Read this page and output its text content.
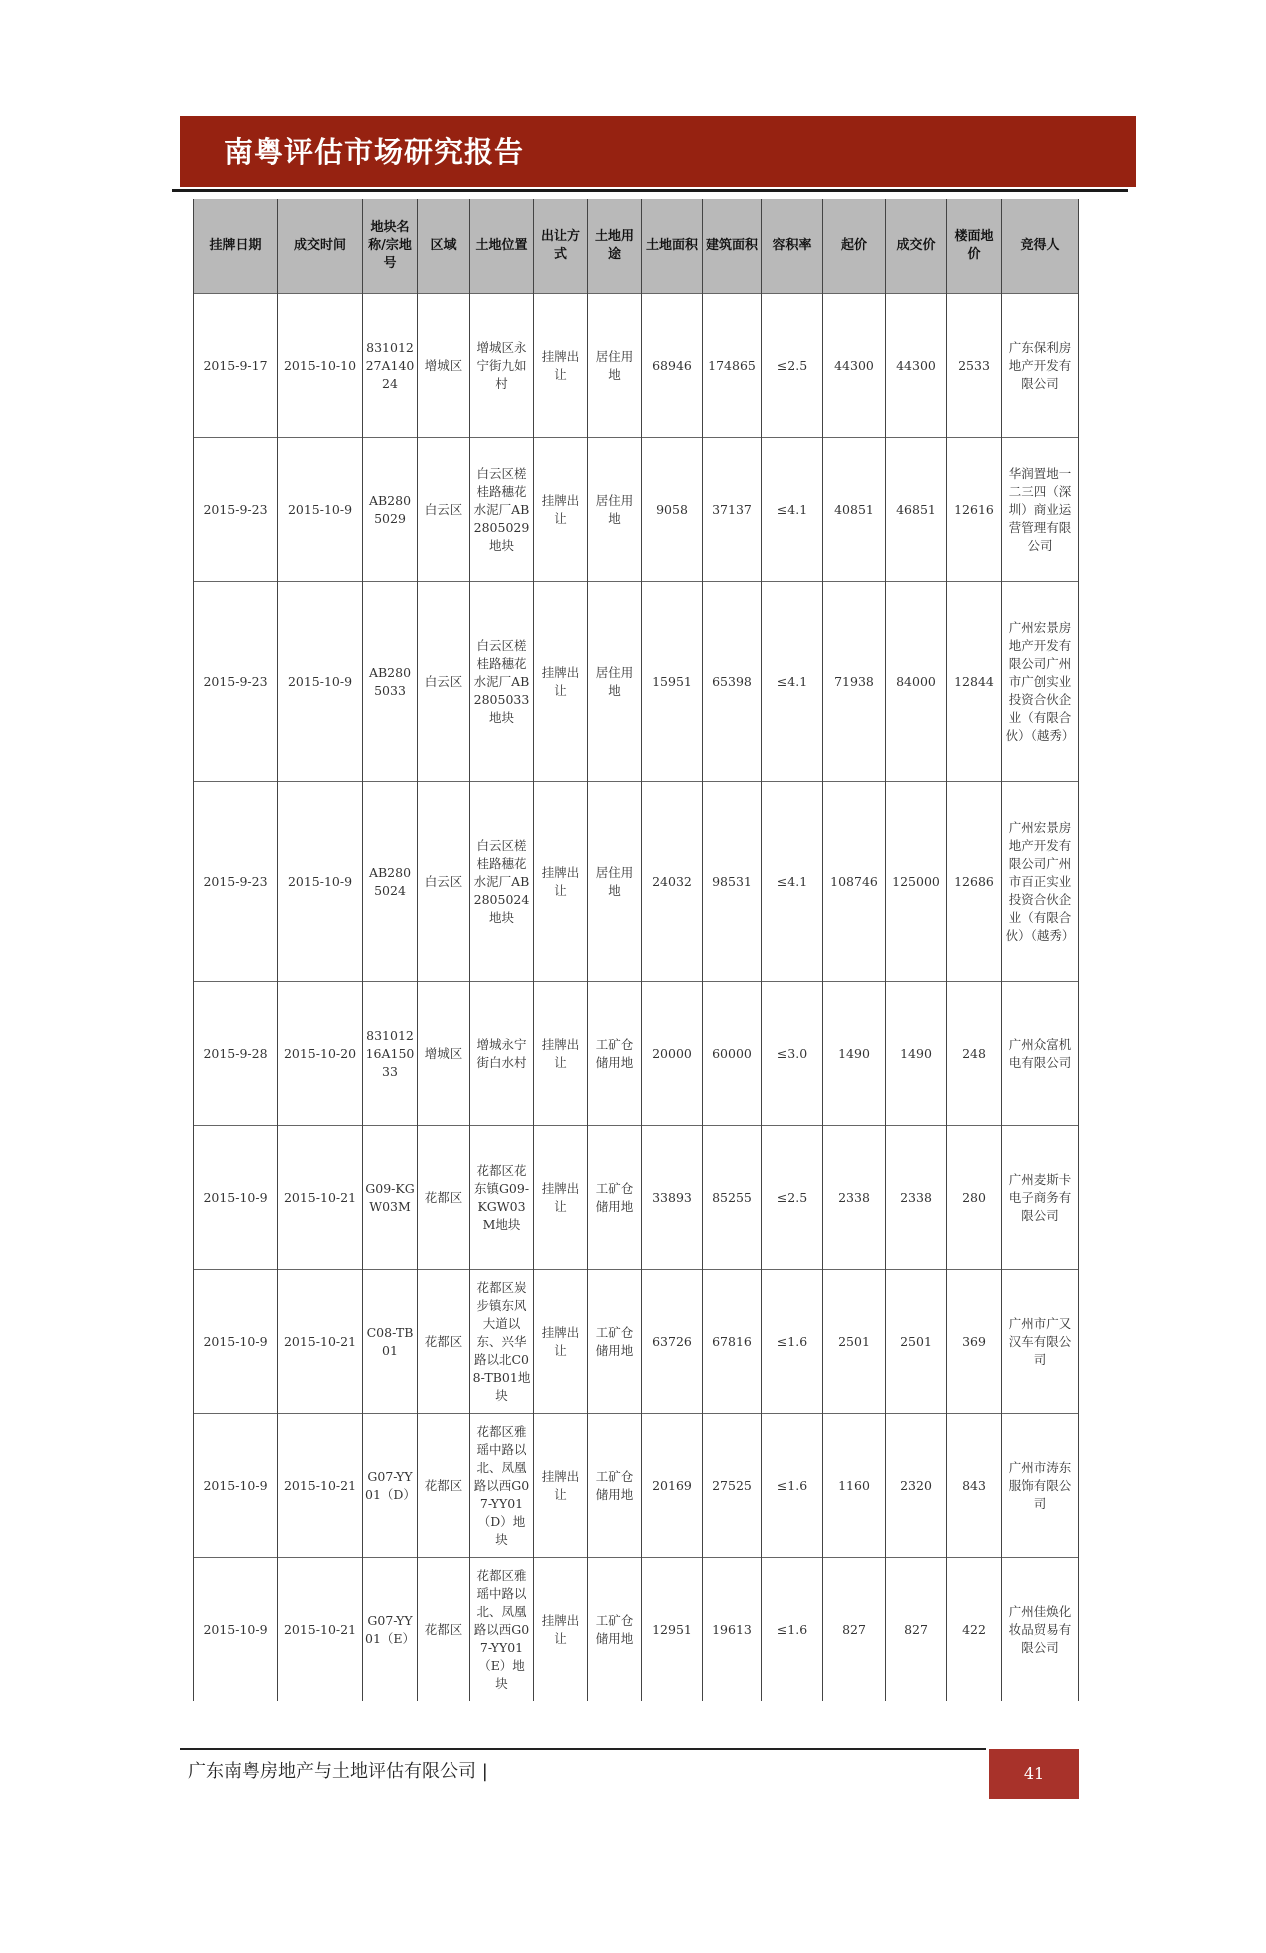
南粤评估市场研究报告
挂牌日期	成交时间	地块名称/宗地号	区域	土地位置	出让方式	土地用途	土地面积	建筑面积	容积率	起价	成交价	楼面地价	竞得人
2015-9-17	2015-10-10	83101227A14024	增城区	增城区永宁街九如村	挂牌出让	居住用地	68946	174865	≤2.5	44300	44300	2533	广东保利房地产开发有限公司
2015-9-23	2015-10-9	AB2805029	白云区	白云区槎桂路穗花水泥厂AB2805029地块	挂牌出让	居住用地	9058	37137	≤4.1	40851	46851	12616	华润置地一二三四（深圳）商业运营管理有限公司
2015-9-23	2015-10-9	AB2805033	白云区	白云区槎桂路穗花水泥厂AB2805033地块	挂牌出让	居住用地	15951	65398	≤4.1	71938	84000	12844	广州宏景房地产开发有限公司广州市广创实业投资合伙企业（有限合伙）（越秀）
2015-9-23	2015-10-9	AB2805024	白云区	白云区槎桂路穗花水泥厂AB2805024地块	挂牌出让	居住用地	24032	98531	≤4.1	108746	125000	12686	广州宏景房地产开发有限公司广州市百正实业投资合伙企业（有限合伙）（越秀）
2015-9-28	2015-10-20	83101216A15033	增城区	增城永宁街白水村	挂牌出让	工矿仓储用地	20000	60000	≤3.0	1490	1490	248	广州众富机电有限公司
2015-10-9	2015-10-21	G09-KGW03M	花都区	花都区花东镇G09-KGW03M地块	挂牌出让	工矿仓储用地	33893	85255	≤2.5	2338	2338	280	广州麦斯卡电子商务有限公司
2015-10-9	2015-10-21	C08-TB01	花都区	花都区炭步镇东风大道以东、兴华路以北C08-TB01地块	挂牌出让	工矿仓储用地	63726	67816	≤1.6	2501	2501	369	广州市广又汉车有限公司
2015-10-9	2015-10-21	G07-YY01（D）	花都区	花都区雅瑶中路以北、凤凰路以西G07-YY01（D）地块	挂牌出让	工矿仓储用地	20169	27525	≤1.6	1160	2320	843	广州市涛东服饰有限公司
2015-10-9	2015-10-21	G07-YY01（E）	花都区	花都区雅瑶中路以北、凤凰路以西G07-YY01（E）地块	挂牌出让	工矿仓储用地	12951	19613	≤1.6	827	827	422	广州佳焕化妆品贸易有限公司
广东南粤房地产与土地评估有限公司 |	41
